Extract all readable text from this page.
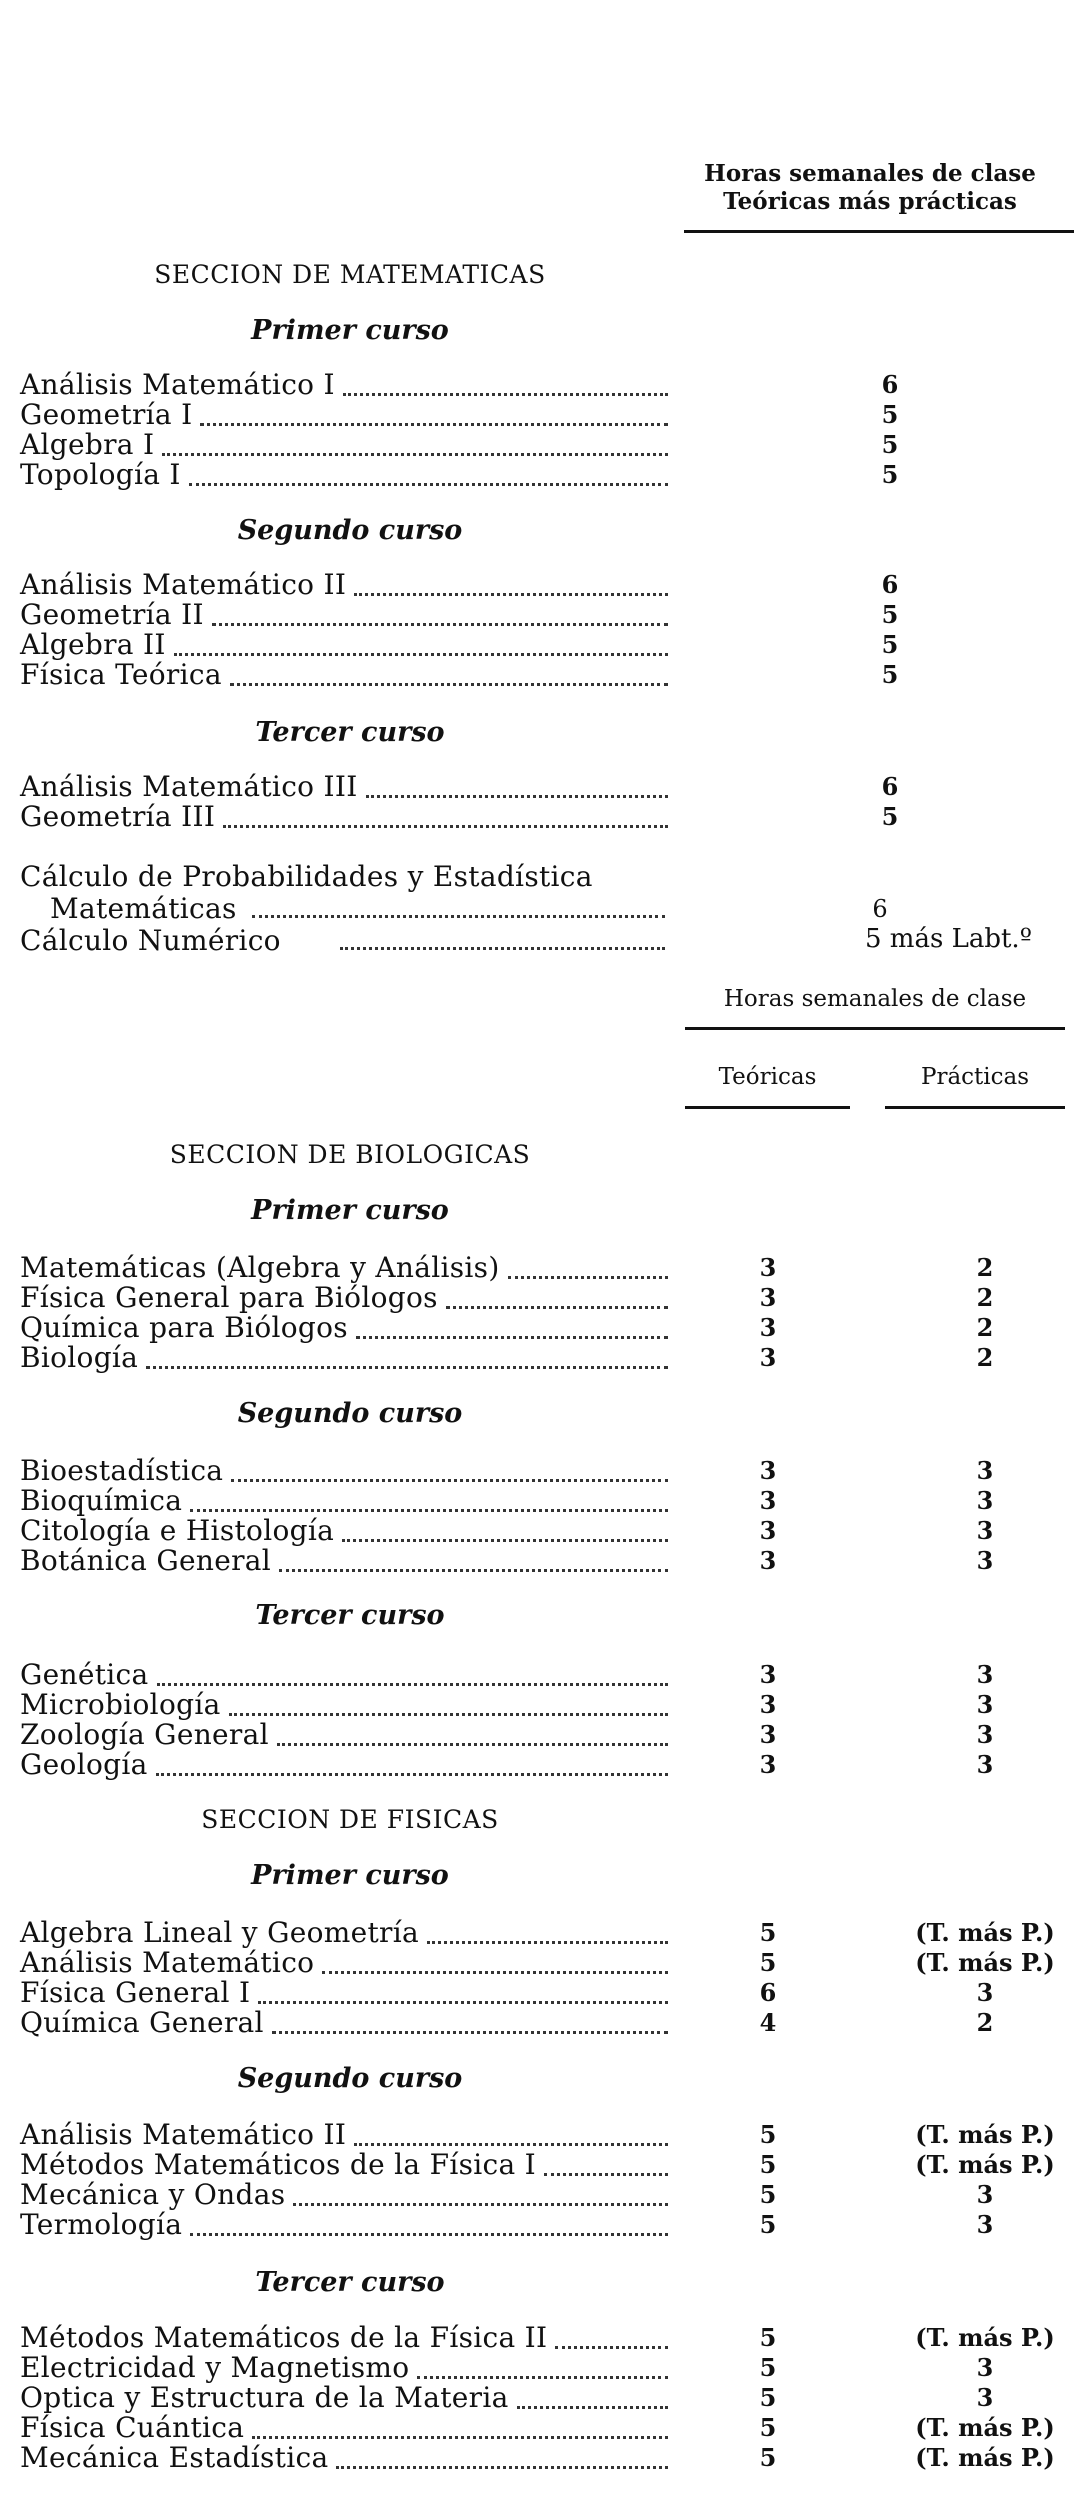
Horas semanales de clase
Teóricas más prácticas
SECCION DE MATEMATICAS
Primer curso
Análisis Matemático I	6
Geometría I	5
Algebra I	5
Topología I	5
Segundo curso
Análisis Matemático II	6
Geometría II	5
Algebra II	5
Física Teórica	5
Tercer curso
Análisis Matemático III	6
Geometría III	5
Cálculo de Probabilidades y Estadística
Matemáticas	6
Cálculo Numérico	5 más Labt.º
Horas semanales de clase
Teóricas	Prácticas
SECCION DE BIOLOGICAS
Primer curso
Matemáticas (Algebra y Análisis)	3	2
Física General para Biólogos	3	2
Química para Biólogos	3	2
Biología	3	2
Segundo curso
Bioestadística	3	3
Bioquímica	3	3
Citología e Histología	3	3
Botánica General	3	3
Tercer curso
Genética	3	3
Microbiología	3	3
Zoología General	3	3
Geología	3	3
SECCION DE FISICAS
Primer curso
Algebra Lineal y Geometría	5	(T. más P.)
Análisis Matemático	5	(T. más P.)
Física General I	6	3
Química General	4	2
Segundo curso
Análisis Matemático II	5	(T. más P.)
Métodos Matemáticos de la Física I	5	(T. más P.)
Mecánica y Ondas	5	3
Termología	5	3
Tercer curso
Métodos Matemáticos de la Física II	5	(T. más P.)
Electricidad y Magnetismo	5	3
Optica y Estructura de la Materia	5	3
Física Cuántica	5	(T. más P.)
Mecánica Estadística	5	(T. más P.)
